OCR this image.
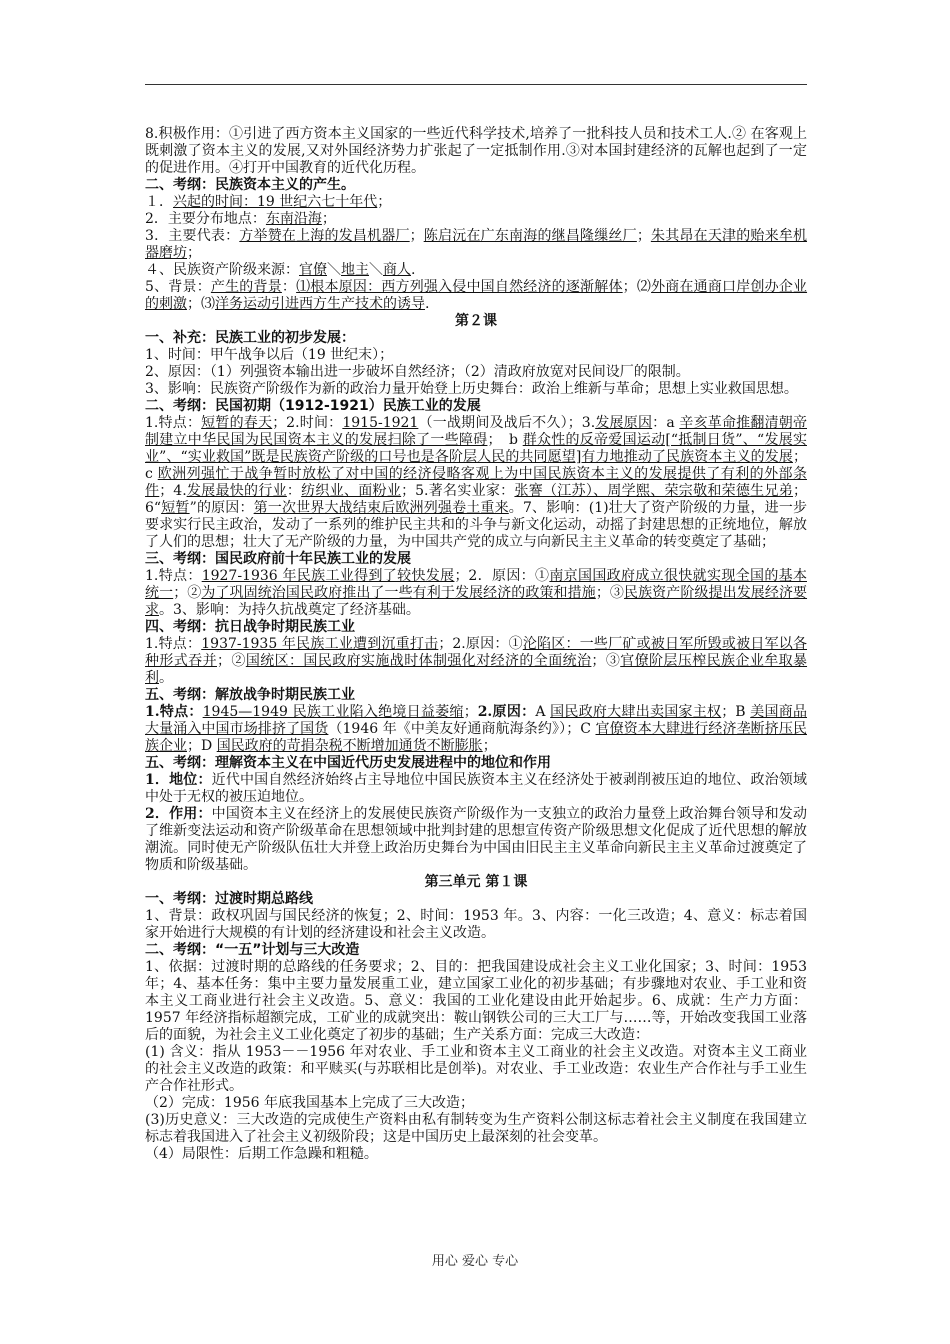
8.积极作用：①引进了西方资本主义国家的一些近代科学技术,培养了一批科技人员和技术工人.② 在客观上既刺激了资本主义的发展,又对外国经济势力扩张起了一定抵制作用.③对本国封建经济的瓦解也起到了一定的促进作用。④打开中国教育的近代化历程。
二、考纲：民族资本主义的产生。
１．兴起的时间：19 世纪六七十年代；
2．主要分布地点：东南沿海；
3．主要代表：方举赞在上海的发昌机器厂；陈启沅在广东南海的继昌隆缫丝厂；朱其昂在天津的贻来牟机器磨坊；
４、民族资产阶级来源：官僚＼地主＼商人.
5、背景：产生的背景：⑴根本原因：西方列强入侵中国自然经济的逐渐解体；⑵外商在通商口岸创办企业的刺激；⑶洋务运动引进西方生产技术的诱导.
第２课
一、补充：民族工业的初步发展：
1、时间：甲午战争以后（19 世纪末）；
2、原因：（1）列强资本输出进一步破坏自然经济；（2）清政府放宽对民间设厂的限制。
3、影响：民族资产阶级作为新的政治力量开始登上历史舞台：政治上维新与革命；思想上实业救国思想。
二、考纲：民国初期（1912-1921）民族工业的发展
1.特点：短暂的春天；2.时间：1915-1921（一战期间及战后不久）；3.发展原因：a 辛亥革命推翻清朝帝制建立中华民国为民国资本主义的发展扫除了一些障碍；　b 群众性的反帝爱国运动[“抵制日货”、“发展实业”、“实业救国”既是民族资产阶级的口号也是各阶层人民的共同愿望]有力地推动了民族资本主义的发展；c 欧洲列强忙于战争暂时放松了对中国的经济侵略客观上为中国民族资本主义的发展提供了有利的外部条件；4.发展最快的行业：纺织业、面粉业；5.著名实业家：张謇（江苏）、周学熙、荣宗敬和荣德生兄弟；6“短暂”的原因：第一次世界大战结束后欧洲列强卷土重来。7、影响：(1)壮大了资产阶级的力量，进一步要求实行民主政治，发动了一系列的维护民主共和的斗争与新文化运动，动摇了封建思想的正统地位，解放了人们的思想；壮大了无产阶级的力量，为中国共产党的成立与向新民主主义革命的转变奠定了基础；
三、考纲：国民政府前十年民族工业的发展
1.特点：1927-1936 年民族工业得到了较快发展；2．原因：①南京国国政府成立很快就实现全国的基本统一；②为了巩固统治国民政府推出了一些有利于发展经济的政策和措施；③民族资产阶级提出发展经济要求。3、影响：为持久抗战奠定了经济基础。
四、考纲：抗日战争时期民族工业
1.特点：1937-1935 年民族工业遭到沉重打击；2.原因：①沦陷区：一些厂矿或被日军所毁或被日军以各种形式吞并；②国统区：国民政府实施战时体制强化对经济的全面统治；③官僚阶层压榨民族企业牟取暴利。
五、考纲：解放战争时期民族工业
1.特点：1945—1949 民族工业陷入绝境日益萎缩；2.原因：A 国民政府大肆出卖国家主权；B 美国商品大量涌入中国市场排挤了国货（1946 年《中美友好通商航海条约》）；C 官僚资本大肆进行经济垄断挤压民族企业；D 国民政府的苛捐杂税不断增加通货不断膨胀；
五、考纲：理解资本主义在中国近代历史发展进程中的地位和作用
1．地位：近代中国自然经济始终占主导地位中国民族资本主义在经济处于被剥削被压迫的地位、政治领域中处于无权的被压迫地位。
2．作用：中国资本主义在经济上的发展使民族资产阶级作为一支独立的政治力量登上政治舞台领导和发动了维新变法运动和资产阶级革命在思想领域中批判封建的思想宣传资产阶级思想文化促成了近代思想的解放潮流。同时使无产阶级队伍壮大并登上政治历史舞台为中国由旧民主主义革命向新民主主义革命过渡奠定了物质和阶级基础。
第三单元 第１课
一、考纲：过渡时期总路线
1、背景：政权巩固与国民经济的恢复；2、时间：1953 年。3、内容：一化三改造；4、意义：标志着国家开始进行大规模的有计划的经济建设和社会主义改造。
二、考纲：“一五”计划与三大改造
1、依据：过渡时期的总路线的任务要求；2、目的：把我国建设成社会主义工业化国家；3、时间：1953 年；4、基本任务：集中主要力量发展重工业，建立国家工业化的初步基础；有步骤地对农业、手工业和资本主义工商业进行社会主义改造。5、意义：我国的工业化建设由此开始起步。6、成就：生产力方面：1957 年经济指标超额完成，工矿业的成就突出：鞍山钢铁公司的三大工厂与……等，开始改变我国工业落后的面貌，为社会主义工业化奠定了初步的基础；生产关系方面：完成三大改造：
(1) 含义：指从 1953－－1956 年对农业、手工业和资本主义工商业的社会主义改造。对资本主义工商业的社会主义改造的政策：和平赎买(与苏联相比是创举)。对农业、手工业改造：农业生产合作社与手工业生产合作社形式。
（2）完成：1956 年底我国基本上完成了三大改造；
(3)历史意义：三大改造的完成使生产资料由私有制转变为生产资料公制这标志着社会主义制度在我国建立标志着我国进入了社会主义初级阶段；这是中国历史上最深刻的社会变革。
（4）局限性：后期工作急躁和粗糙。
用心 爱心 专心
